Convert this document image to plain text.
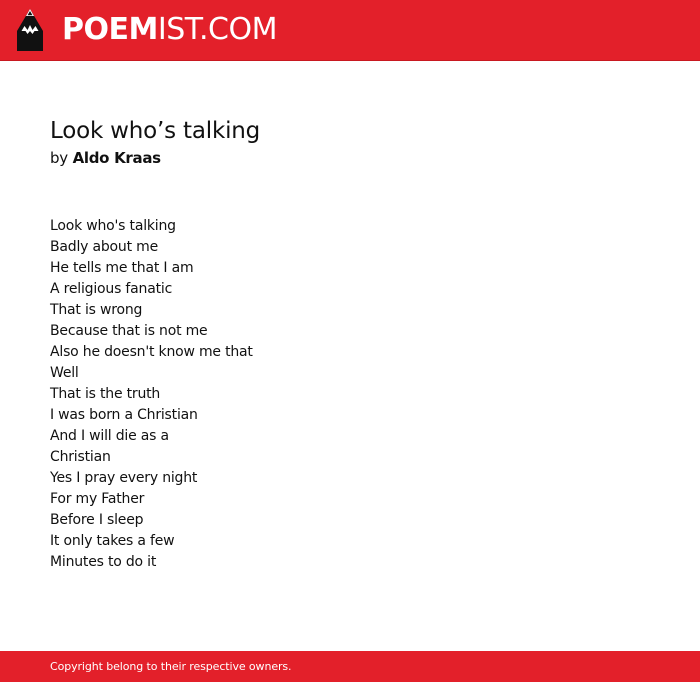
POEMIST.COM
Look who’s talking
by Aldo Kraas
Look who's talking
Badly about me
He tells me that I am
A religious fanatic
That is wrong
Because that is not me
Also he doesn't know me that
Well
That is the truth
I was born a Christian
And I will die as a
Christian
Yes I pray every night
For my Father
Before I sleep
It only takes a few
Minutes to do it
Copyright belong to their respective owners.
